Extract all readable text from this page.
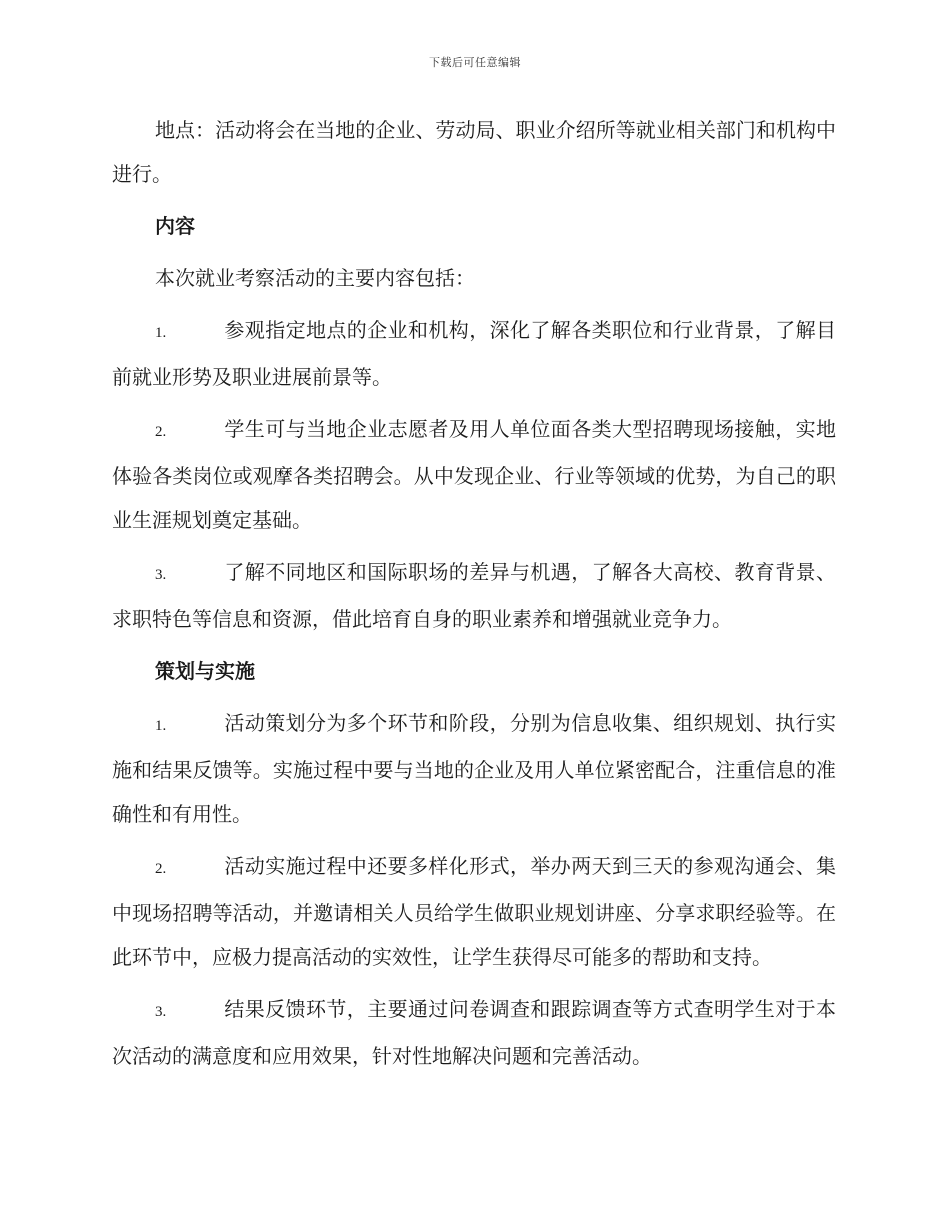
下载后可任意编辑

地点：活动将会在当地的企业、劳动局、职业介绍所等就业相关部门和机构中进行。

内容

本次就业考察活动的主要内容包括：

1.	参观指定地点的企业和机构，深化了解各类职位和行业背景，了解目前就业形势及职业进展前景等。

2.	学生可与当地企业志愿者及用人单位面各类大型招聘现场接触，实地体验各类岗位或观摩各类招聘会。从中发现企业、行业等领域的优势，为自己的职业生涯规划奠定基础。

3.	了解不同地区和国际职场的差异与机遇，了解各大高校、教育背景、求职特色等信息和资源，借此培育自身的职业素养和增强就业竞争力。

策划与实施

1.	活动策划分为多个环节和阶段，分别为信息收集、组织规划、执行实施和结果反馈等。实施过程中要与当地的企业及用人单位紧密配合，注重信息的准确性和有用性。

2.	活动实施过程中还要多样化形式，举办两天到三天的参观沟通会、集中现场招聘等活动，并邀请相关人员给学生做职业规划讲座、分享求职经验等。在此环节中，应极力提高活动的实效性，让学生获得尽可能多的帮助和支持。

3.	结果反馈环节，主要通过问卷调查和跟踪调查等方式查明学生对于本次活动的满意度和应用效果，针对性地解决问题和完善活动。
